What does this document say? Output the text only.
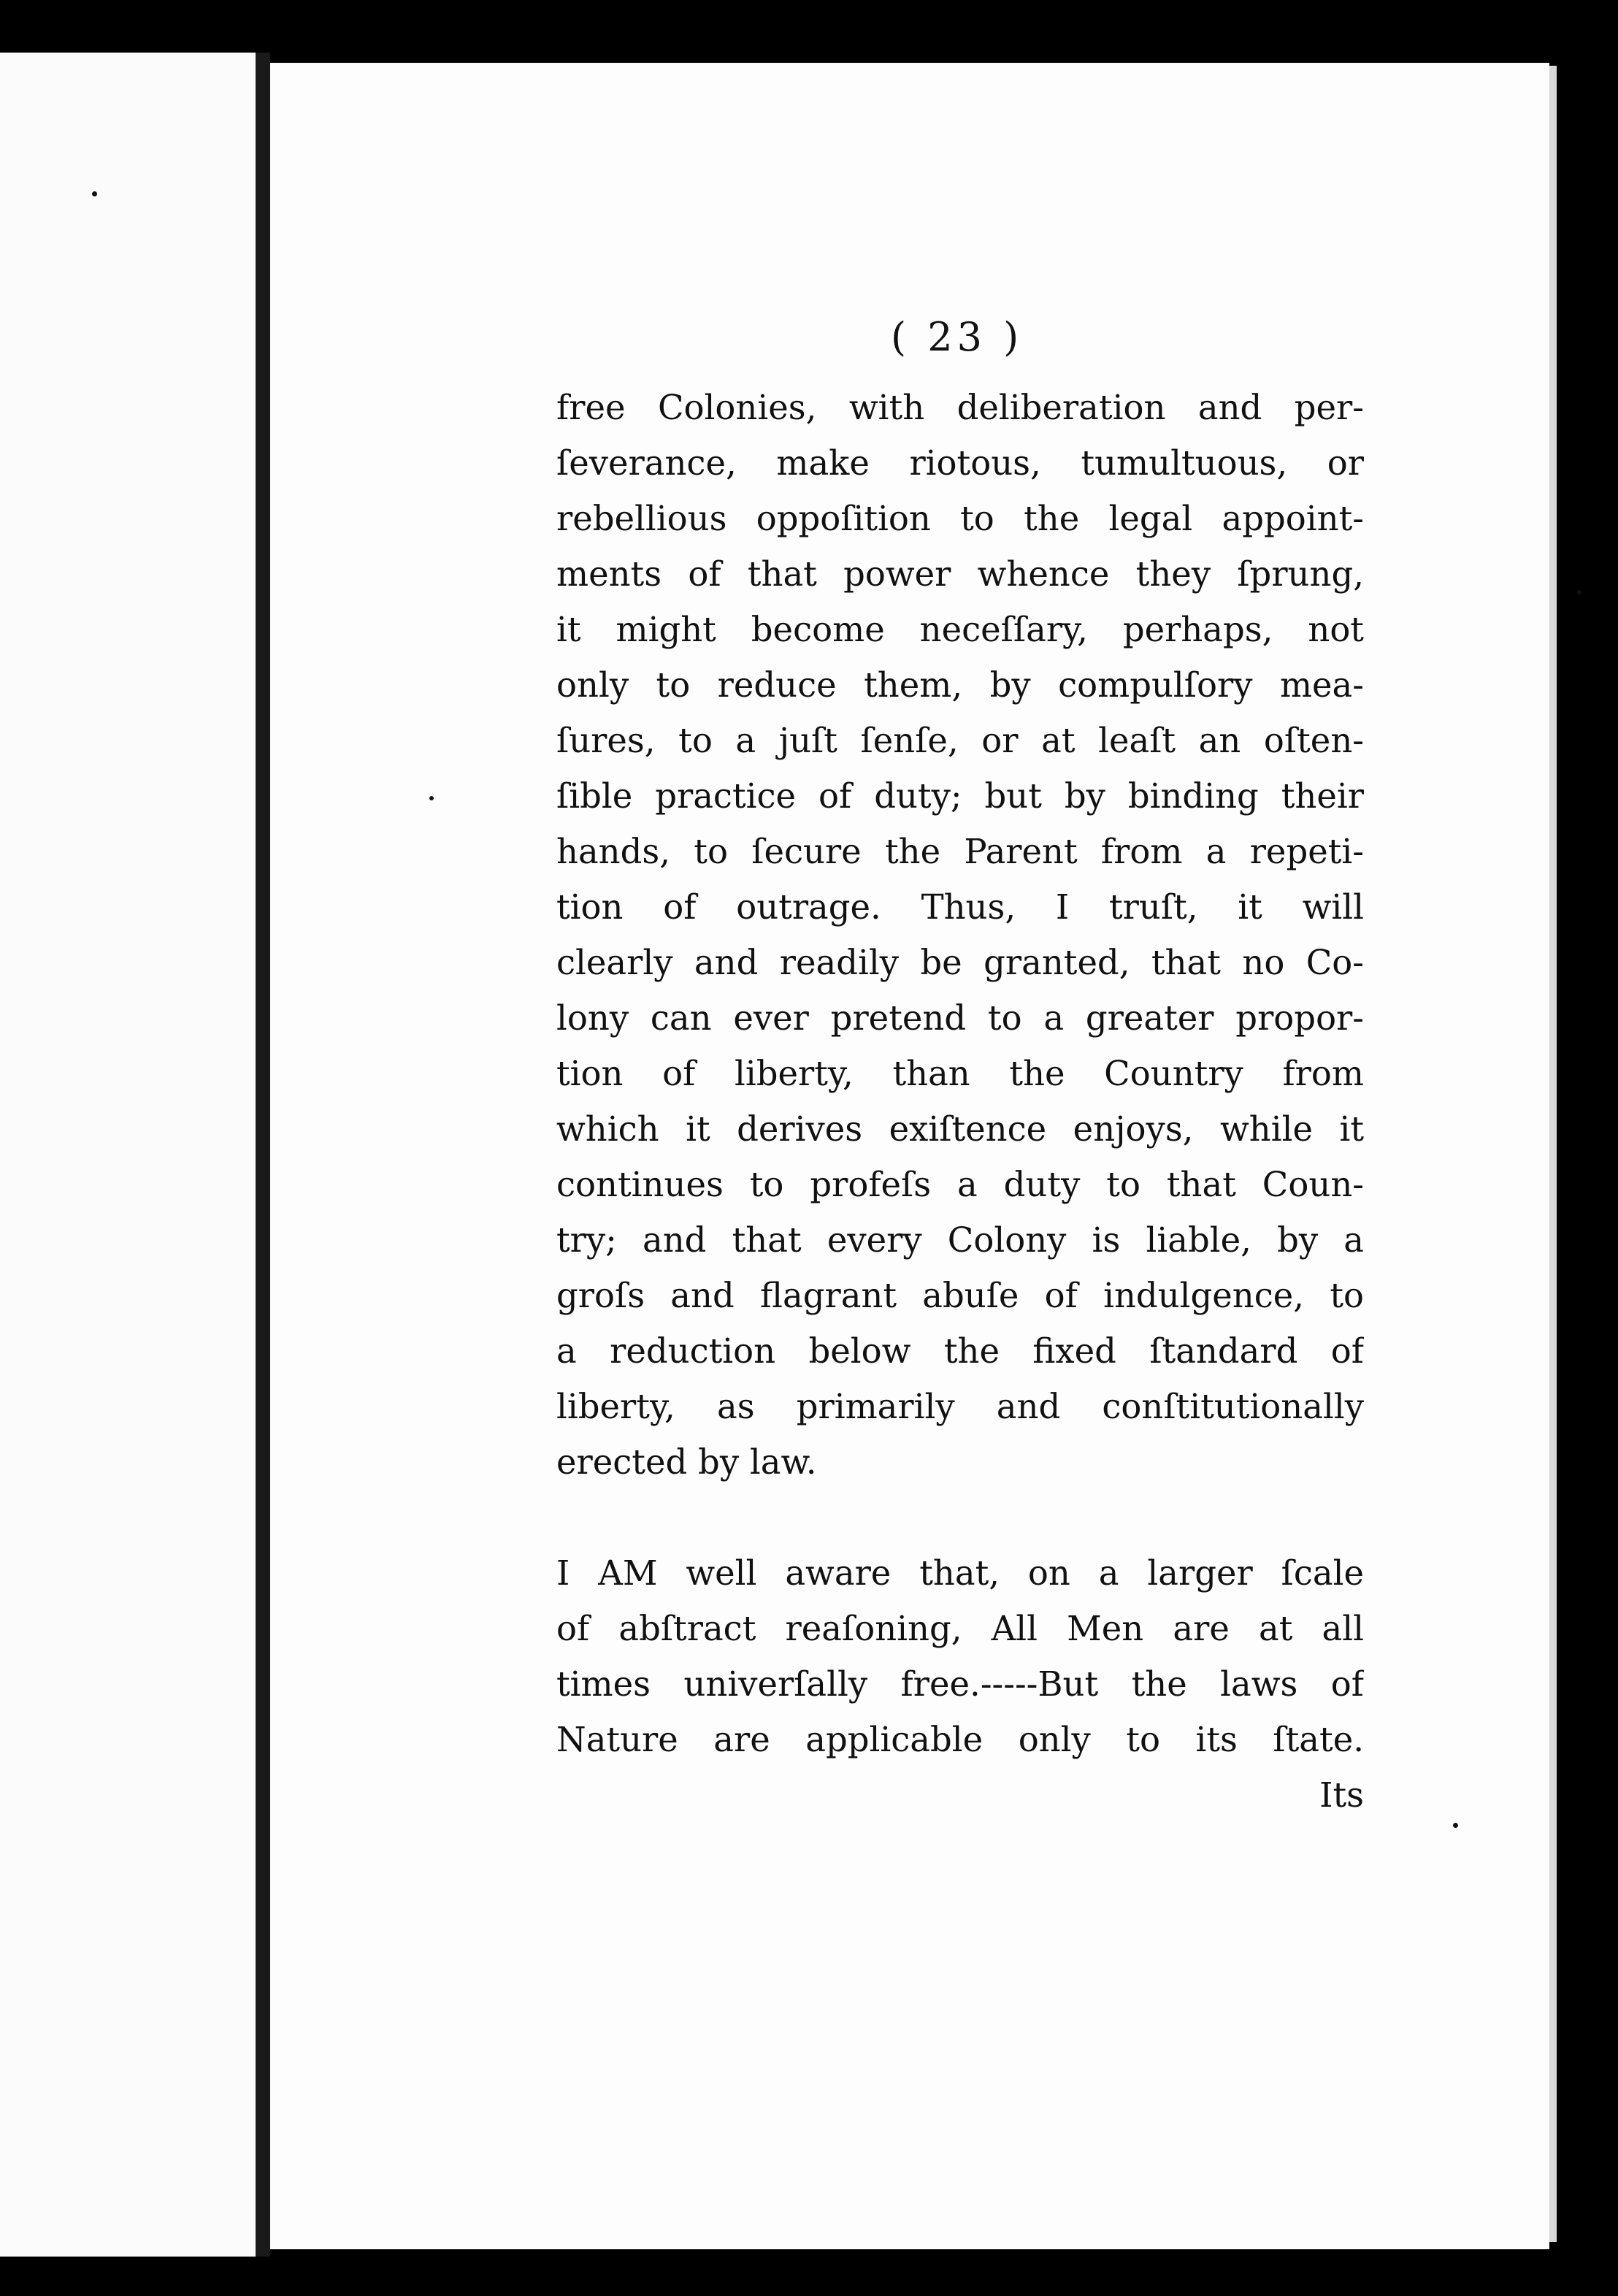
( 23 )
free Colonies, with deliberation and per-
ſeverance, make riotous, tumultuous, or
rebellious oppoſition to the legal appoint-
ments of that power whence they ſprung,
it might become neceſſary, perhaps, not
only to reduce them, by compulſory mea-
ſures, to a juſt ſenſe, or at leaſt an oſten-
ſible practice of duty; but by binding their
hands, to ſecure the Parent from a repeti-
tion of outrage. Thus, I truſt, it will
clearly and readily be granted, that no Co-
lony can ever pretend to a greater propor-
tion of liberty, than the Country from
which it derives exiſtence enjoys, while it
continues to profeſs a duty to that Coun-
try; and that every Colony is liable, by a
groſs and flagrant abuſe of indulgence, to
a reduction below the fixed ſtandard of
liberty, as primarily and conſtitutionally
erected by law.
I AM well aware that, on a larger ſcale
of abſtract reaſoning, All Men are at all
times univerſally free.-----But the laws of
Nature are applicable only to its ſtate.
Its
